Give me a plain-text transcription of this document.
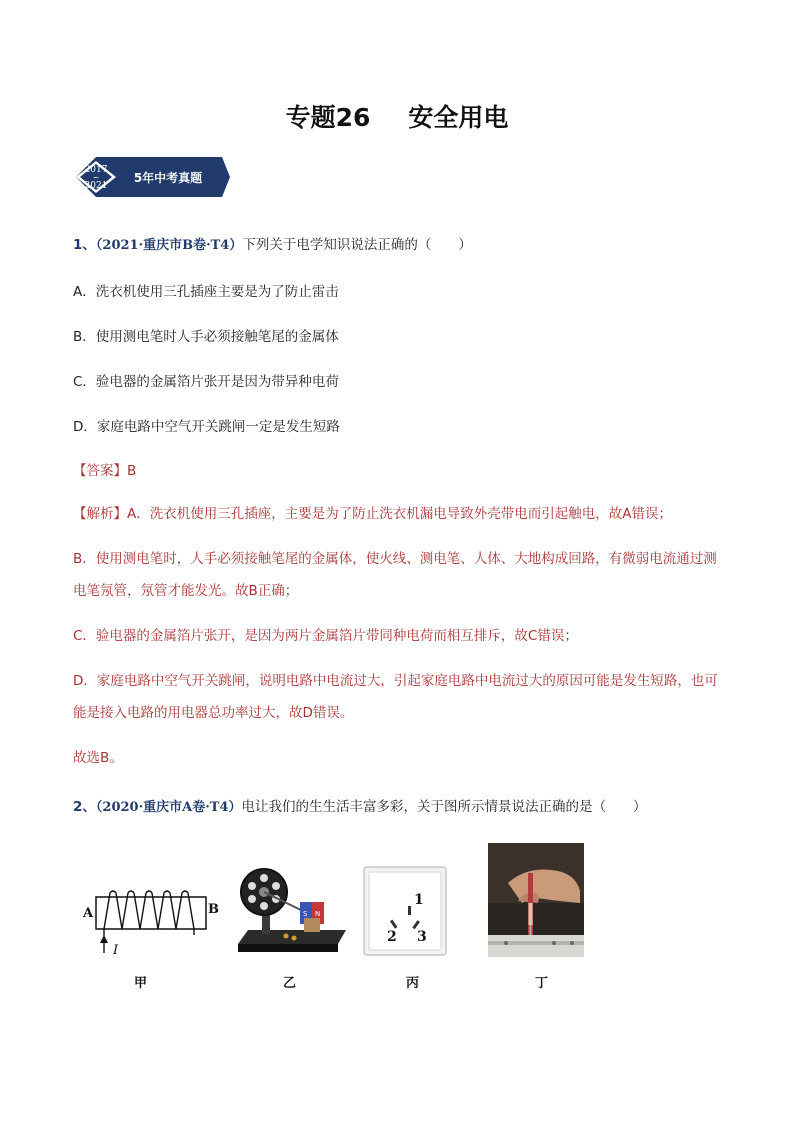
专题26 安全用电
2017
~
2021
5年中考真题
1、（2021·重庆市B卷·T4）下列关于电学知识说法正确的（　　）
A．洗衣机使用三孔插座主要是为了防止雷击
B．使用测电笔时人手必须接触笔尾的金属体
C．验电器的金属箔片张开是因为带异种电荷
D．家庭电路中空气开关跳闸一定是发生短路
【答案】B
【解析】A．洗衣机使用三孔插座，主要是为了防止洗衣机漏电导致外壳带电而引起触电，故A错误；
B．使用测电笔时，人手必须接触笔尾的金属体，使火线、测电笔、人体、大地构成回路，有微弱电流通过测电笔氖管，氖管才能发光。故B正确；
C．验电器的金属箔片张开，是因为两片金属箔片带同种电荷而相互排斥，故C错误；
D．家庭电路中空气开关跳闸，说明电路中电流过大，引起家庭电路中电流过大的原因可能是发生短路，也可能是接入电路的用电器总功率过大，故D错误。
故选B。
2、（2020·重庆市A卷·T4）电让我们的生生活丰富多彩，关于图所示情景说法正确的是（　　）
A	B
I
S N
1
2 3
甲	乙	丙	丁
